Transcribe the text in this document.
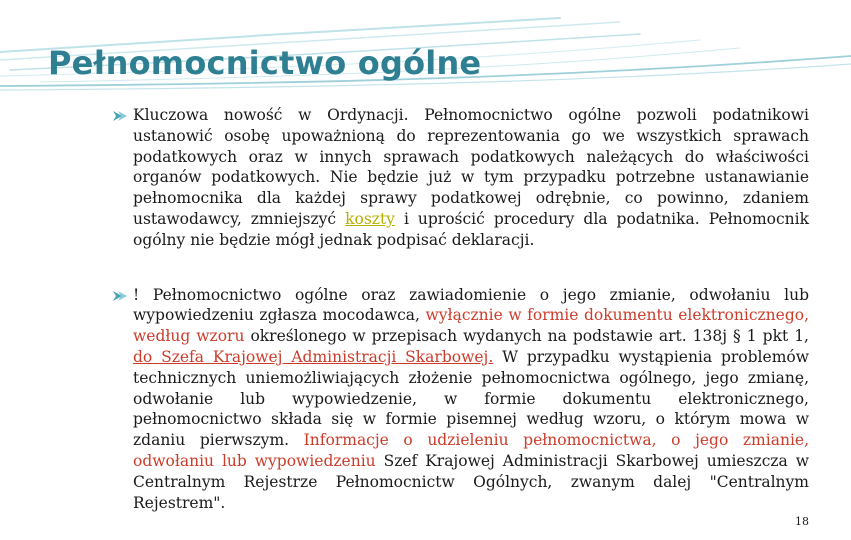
Pełnomocnictwo ogólne
Kluczowa nowość w Ordynacji. Pełnomocnictwo ogólne pozwoli podatnikowi ustanowić osobę upoważnioną do reprezentowania go we wszystkich sprawach podatkowych oraz w innych sprawach podatkowych należących do właściwości organów podatkowych. Nie będzie już w tym przypadku potrzebne ustanawianie pełnomocnika dla każdej sprawy podatkowej odrębnie, co powinno, zdaniem ustawodawcy, zmniejszyć koszty i uprościć procedury dla podatnika. Pełnomocnik ogólny nie będzie mógł jednak podpisać deklaracji.
! Pełnomocnictwo ogólne oraz zawiadomienie o jego zmianie, odwołaniu lub wypowiedzeniu zgłasza mocodawca, wyłącznie w formie dokumentu elektronicznego, według wzoru określonego w przepisach wydanych na podstawie art. 138j § 1 pkt 1, do Szefa Krajowej Administracji Skarbowej. W przypadku wystąpienia problemów technicznych uniemożliwiających złożenie pełnomocnictwa ogólnego, jego zmianę, odwołanie lub wypowiedzenie, w formie dokumentu elektronicznego, pełnomocnictwo składa się w formie pisemnej według wzoru, o którym mowa w zdaniu pierwszym. Informacje o udzieleniu pełnomocnictwa, o jego zmianie, odwołaniu lub wypowiedzeniu Szef Krajowej Administracji Skarbowej umieszcza w Centralnym Rejestrze Pełnomocnictw Ogólnych, zwanym dalej "Centralnym Rejestrem".
18
